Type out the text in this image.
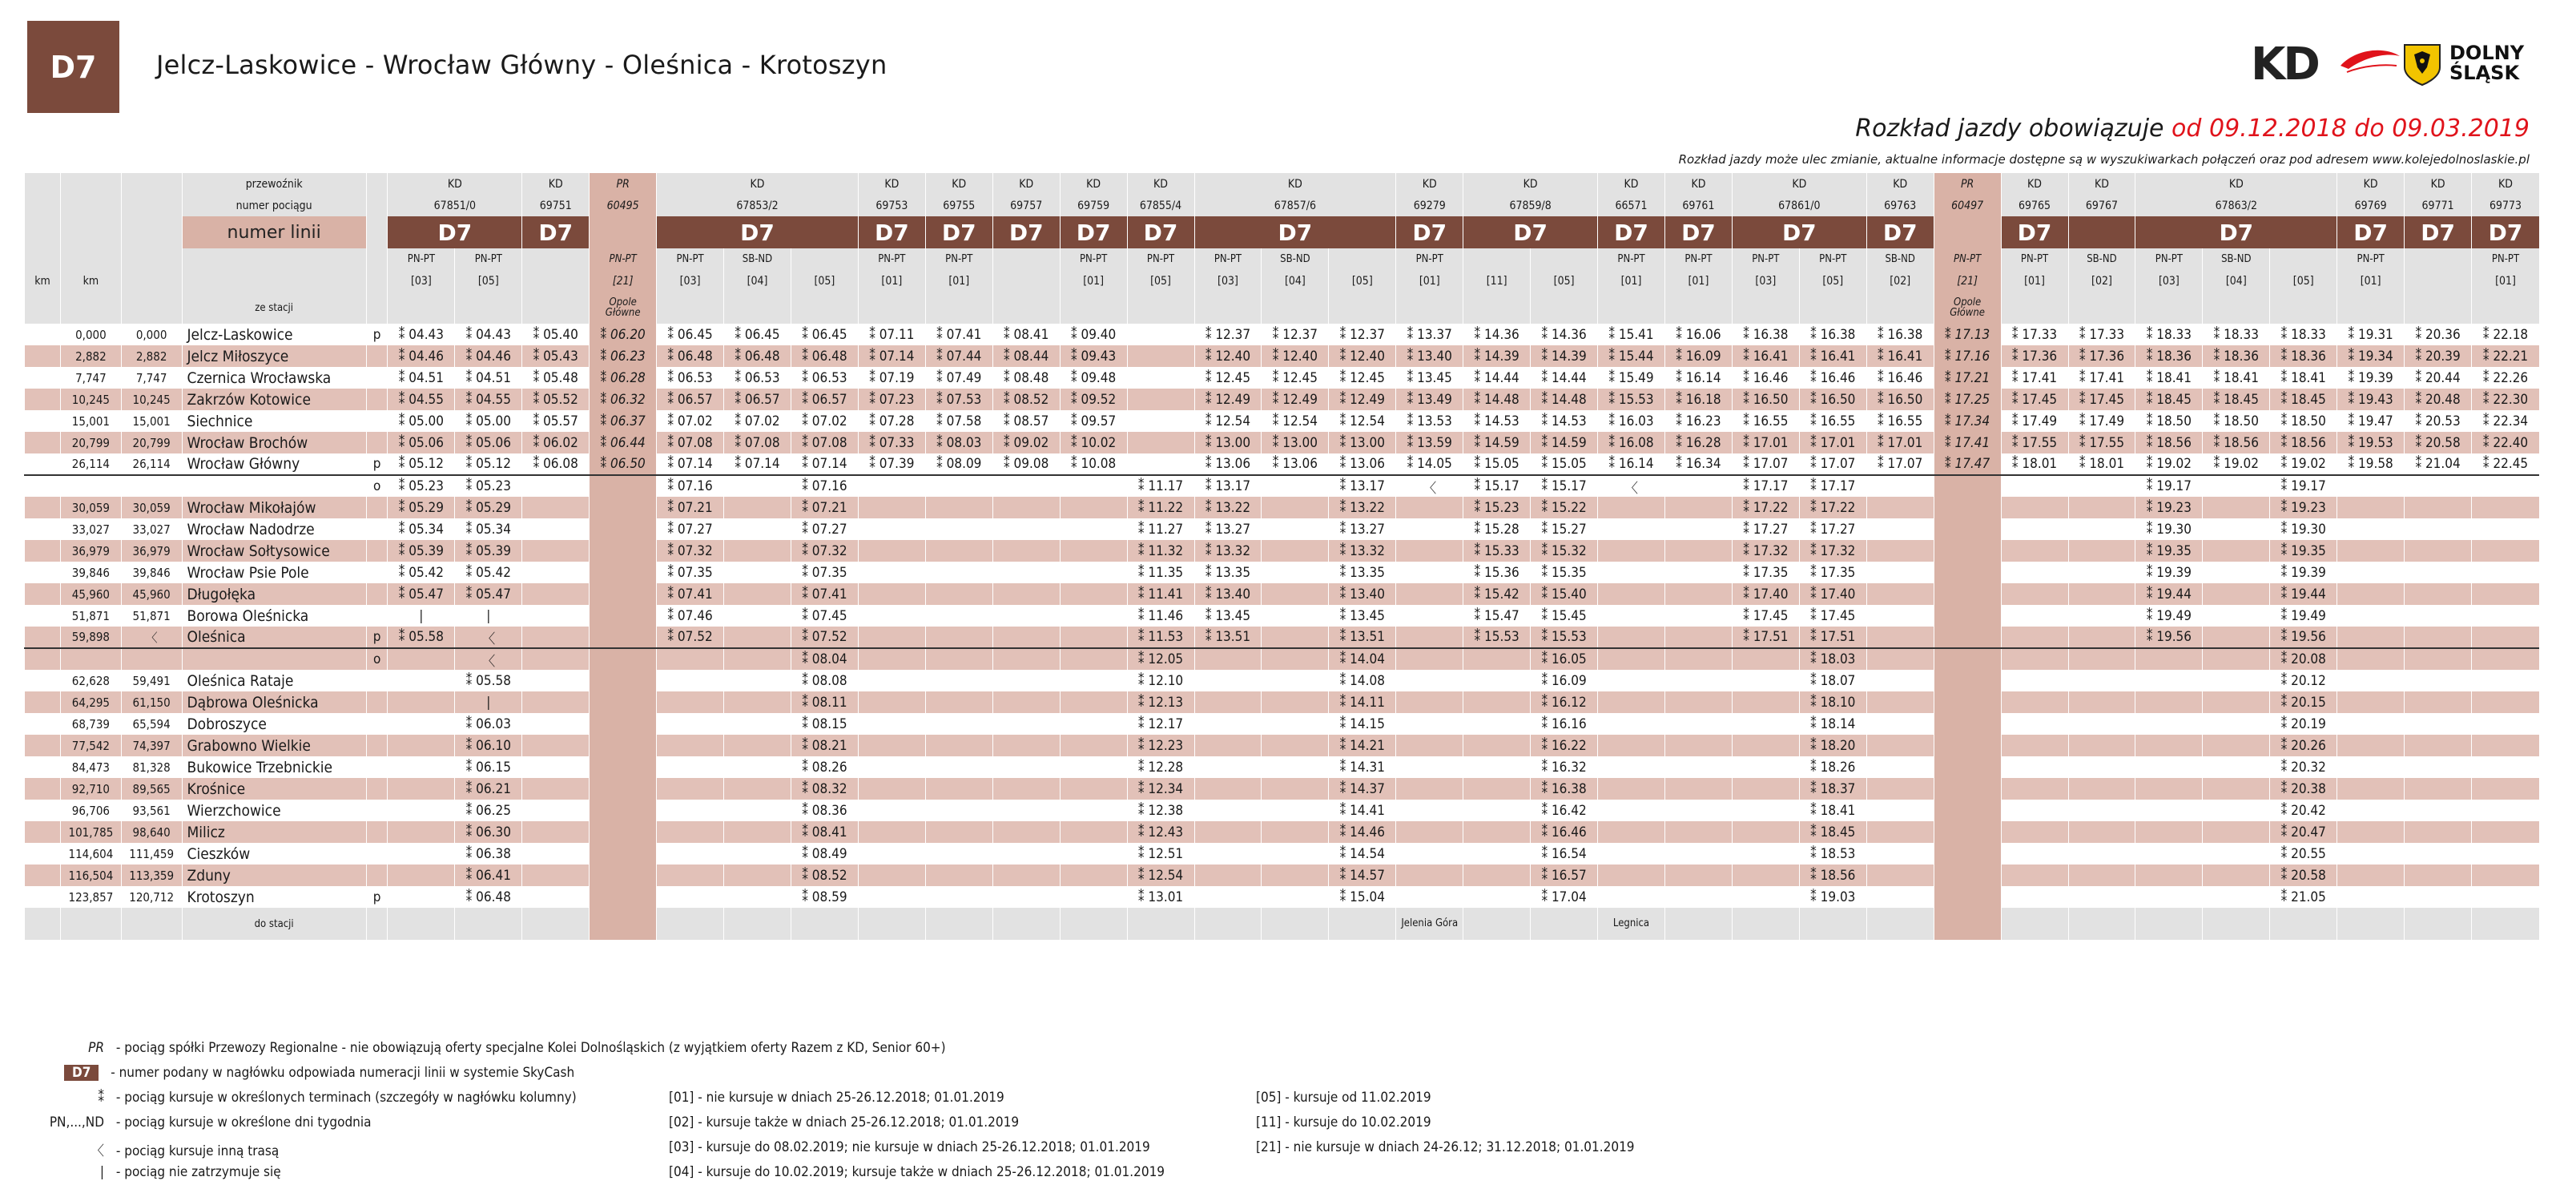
D7	Jelcz-Laskowice - Wrocław Główny - Oleśnica - Krotoszyn	KD	DOLNY
ŚLĄSK
Rozkład jazdy obowiązuje od 09.12.2018 do 09.03.2019
Rozkład jazdy może ulec zmianie, aktualne informacje dostępne są w wyszukiwarkach połączeń oraz pod adresem www.kolejedolnoslaskie.pl
			przewoźnik		KD		KD	PR	KD			KD	KD	KD	KD	KD	KD			KD	KD		KD	KD	KD		KD	PR	KD	KD	KD			KD	KD	KD
			numer pociągu		67851/0		69751	60495	67853/2			69753	69755	69757	69759	67855/4	67857/6			69279	67859/8		66571	69761	67861/0		69763	60497	69765	69767	67863/2			69769	69771	69773
			numer linii		D7		D7		D7			D7	D7	D7	D7	D7	D7			D7	D7		D7	D7	D7		D7		D7		D7			D7	D7	D7
					PN-PT	PN-PT		PN-PT	PN-PT	SB-ND		PN-PT	PN-PT		PN-PT	PN-PT	PN-PT	SB-ND		PN-PT			PN-PT	PN-PT	PN-PT	PN-PT	SB-ND	PN-PT	PN-PT	SB-ND	PN-PT	SB-ND		PN-PT		PN-PT
km	km				[03]	[05]		[21]	[03]	[04]	[05]	[01]	[01]		[01]	[05]	[03]	[04]	[05]	[01]	[11]	[05]	[01]	[01]	[03]	[05]	[02]	[21]	[01]	[02]	[03]	[04]	[05]	[01]		[01]
			ze stacji					Opole Główne																				Opole Główne								
	0,000	0,000	Jelcz-Laskowice	p	⁑ 04.43	⁑ 04.43	⁑ 05.40	⁑ 06.20	⁑ 06.45	⁑ 06.45	⁑ 06.45	⁑ 07.11	⁑ 07.41	⁑ 08.41	⁑ 09.40		⁑ 12.37	⁑ 12.37	⁑ 12.37	⁑ 13.37	⁑ 14.36	⁑ 14.36	⁑ 15.41	⁑ 16.06	⁑ 16.38	⁑ 16.38	⁑ 16.38	⁑ 17.13	⁑ 17.33	⁑ 17.33	⁑ 18.33	⁑ 18.33	⁑ 18.33	⁑ 19.31	⁑ 20.36	⁑ 22.18
	2,882	2,882	Jelcz Miłoszyce		⁑ 04.46	⁑ 04.46	⁑ 05.43	⁑ 06.23	⁑ 06.48	⁑ 06.48	⁑ 06.48	⁑ 07.14	⁑ 07.44	⁑ 08.44	⁑ 09.43		⁑ 12.40	⁑ 12.40	⁑ 12.40	⁑ 13.40	⁑ 14.39	⁑ 14.39	⁑ 15.44	⁑ 16.09	⁑ 16.41	⁑ 16.41	⁑ 16.41	⁑ 17.16	⁑ 17.36	⁑ 17.36	⁑ 18.36	⁑ 18.36	⁑ 18.36	⁑ 19.34	⁑ 20.39	⁑ 22.21
	7,747	7,747	Czernica Wrocławska		⁑ 04.51	⁑ 04.51	⁑ 05.48	⁑ 06.28	⁑ 06.53	⁑ 06.53	⁑ 06.53	⁑ 07.19	⁑ 07.49	⁑ 08.48	⁑ 09.48		⁑ 12.45	⁑ 12.45	⁑ 12.45	⁑ 13.45	⁑ 14.44	⁑ 14.44	⁑ 15.49	⁑ 16.14	⁑ 16.46	⁑ 16.46	⁑ 16.46	⁑ 17.21	⁑ 17.41	⁑ 17.41	⁑ 18.41	⁑ 18.41	⁑ 18.41	⁑ 19.39	⁑ 20.44	⁑ 22.26
	10,245	10,245	Zakrzów Kotowice		⁑ 04.55	⁑ 04.55	⁑ 05.52	⁑ 06.32	⁑ 06.57	⁑ 06.57	⁑ 06.57	⁑ 07.23	⁑ 07.53	⁑ 08.52	⁑ 09.52		⁑ 12.49	⁑ 12.49	⁑ 12.49	⁑ 13.49	⁑ 14.48	⁑ 14.48	⁑ 15.53	⁑ 16.18	⁑ 16.50	⁑ 16.50	⁑ 16.50	⁑ 17.25	⁑ 17.45	⁑ 17.45	⁑ 18.45	⁑ 18.45	⁑ 18.45	⁑ 19.43	⁑ 20.48	⁑ 22.30
	15,001	15,001	Siechnice		⁑ 05.00	⁑ 05.00	⁑ 05.57	⁑ 06.37	⁑ 07.02	⁑ 07.02	⁑ 07.02	⁑ 07.28	⁑ 07.58	⁑ 08.57	⁑ 09.57		⁑ 12.54	⁑ 12.54	⁑ 12.54	⁑ 13.53	⁑ 14.53	⁑ 14.53	⁑ 16.03	⁑ 16.23	⁑ 16.55	⁑ 16.55	⁑ 16.55	⁑ 17.34	⁑ 17.49	⁑ 17.49	⁑ 18.50	⁑ 18.50	⁑ 18.50	⁑ 19.47	⁑ 20.53	⁑ 22.34
	20,799	20,799	Wrocław Brochów		⁑ 05.06	⁑ 05.06	⁑ 06.02	⁑ 06.44	⁑ 07.08	⁑ 07.08	⁑ 07.08	⁑ 07.33	⁑ 08.03	⁑ 09.02	⁑ 10.02		⁑ 13.00	⁑ 13.00	⁑ 13.00	⁑ 13.59	⁑ 14.59	⁑ 14.59	⁑ 16.08	⁑ 16.28	⁑ 17.01	⁑ 17.01	⁑ 17.01	⁑ 17.41	⁑ 17.55	⁑ 17.55	⁑ 18.56	⁑ 18.56	⁑ 18.56	⁑ 19.53	⁑ 20.58	⁑ 22.40
	26,114	26,114	Wrocław Główny	p	⁑ 05.12	⁑ 05.12	⁑ 06.08	⁑ 06.50	⁑ 07.14	⁑ 07.14	⁑ 07.14	⁑ 07.39	⁑ 08.09	⁑ 09.08	⁑ 10.08		⁑ 13.06	⁑ 13.06	⁑ 13.06	⁑ 14.05	⁑ 15.05	⁑ 15.05	⁑ 16.14	⁑ 16.34	⁑ 17.07	⁑ 17.07	⁑ 17.07	⁑ 17.47	⁑ 18.01	⁑ 18.01	⁑ 19.02	⁑ 19.02	⁑ 19.02	⁑ 19.58	⁑ 21.04	⁑ 22.45
				o	⁑ 05.23	⁑ 05.23			⁑ 07.16		⁑ 07.16					⁑ 11.17	⁑ 13.17		⁑ 13.17	〈	⁑ 15.17	⁑ 15.17	〈		⁑ 17.17	⁑ 17.17					⁑ 19.17		⁑ 19.17			
	30,059	30,059	Wrocław Mikołajów		⁑ 05.29	⁑ 05.29			⁑ 07.21		⁑ 07.21					⁑ 11.22	⁑ 13.22		⁑ 13.22		⁑ 15.23	⁑ 15.22			⁑ 17.22	⁑ 17.22					⁑ 19.23		⁑ 19.23			
	33,027	33,027	Wrocław Nadodrze		⁑ 05.34	⁑ 05.34			⁑ 07.27		⁑ 07.27					⁑ 11.27	⁑ 13.27		⁑ 13.27		⁑ 15.28	⁑ 15.27			⁑ 17.27	⁑ 17.27					⁑ 19.30		⁑ 19.30			
	36,979	36,979	Wrocław Sołtysowice		⁑ 05.39	⁑ 05.39			⁑ 07.32		⁑ 07.32					⁑ 11.32	⁑ 13.32		⁑ 13.32		⁑ 15.33	⁑ 15.32			⁑ 17.32	⁑ 17.32					⁑ 19.35		⁑ 19.35			
	39,846	39,846	Wrocław Psie Pole		⁑ 05.42	⁑ 05.42			⁑ 07.35		⁑ 07.35					⁑ 11.35	⁑ 13.35		⁑ 13.35		⁑ 15.36	⁑ 15.35			⁑ 17.35	⁑ 17.35					⁑ 19.39		⁑ 19.39			
	45,960	45,960	Długołęka		⁑ 05.47	⁑ 05.47			⁑ 07.41		⁑ 07.41					⁑ 11.41	⁑ 13.40		⁑ 13.40		⁑ 15.42	⁑ 15.40			⁑ 17.40	⁑ 17.40					⁑ 19.44		⁑ 19.44			
	51,871	51,871	Borowa Oleśnicka		|	|			⁑ 07.46		⁑ 07.45					⁑ 11.46	⁑ 13.45		⁑ 13.45		⁑ 15.47	⁑ 15.45			⁑ 17.45	⁑ 17.45					⁑ 19.49		⁑ 19.49			
	59,898	〈	Oleśnica	p	⁑ 05.58	〈			⁑ 07.52		⁑ 07.52					⁑ 11.53	⁑ 13.51		⁑ 13.51		⁑ 15.53	⁑ 15.53			⁑ 17.51	⁑ 17.51					⁑ 19.56		⁑ 19.56			
				o		〈					⁑ 08.04					⁑ 12.05			⁑ 14.04			⁑ 16.05				⁑ 18.03							⁑ 20.08			
	62,628	59,491	Oleśnica Rataje			⁑ 05.58					⁑ 08.08					⁑ 12.10			⁑ 14.08			⁑ 16.09				⁑ 18.07							⁑ 20.12			
	64,295	61,150	Dąbrowa Oleśnicka			|					⁑ 08.11					⁑ 12.13			⁑ 14.11			⁑ 16.12				⁑ 18.10							⁑ 20.15			
	68,739	65,594	Dobroszyce			⁑ 06.03					⁑ 08.15					⁑ 12.17			⁑ 14.15			⁑ 16.16				⁑ 18.14							⁑ 20.19			
	77,542	74,397	Grabowno Wielkie			⁑ 06.10					⁑ 08.21					⁑ 12.23			⁑ 14.21			⁑ 16.22				⁑ 18.20							⁑ 20.26			
	84,473	81,328	Bukowice Trzebnickie			⁑ 06.15					⁑ 08.26					⁑ 12.28			⁑ 14.31			⁑ 16.32				⁑ 18.26							⁑ 20.32			
	92,710	89,565	Krośnice			⁑ 06.21					⁑ 08.32					⁑ 12.34			⁑ 14.37			⁑ 16.38				⁑ 18.37							⁑ 20.38			
	96,706	93,561	Wierzchowice			⁑ 06.25					⁑ 08.36					⁑ 12.38			⁑ 14.41			⁑ 16.42				⁑ 18.41							⁑ 20.42			
	101,785	98,640	Milicz			⁑ 06.30					⁑ 08.41					⁑ 12.43			⁑ 14.46			⁑ 16.46				⁑ 18.45							⁑ 20.47			
	114,604	111,459	Cieszków			⁑ 06.38					⁑ 08.49					⁑ 12.51			⁑ 14.54			⁑ 16.54				⁑ 18.53							⁑ 20.55			
	116,504	113,359	Zduny			⁑ 06.41					⁑ 08.52					⁑ 12.54			⁑ 14.57			⁑ 16.57				⁑ 18.56							⁑ 20.58			
	123,857	120,712	Krotoszyn	p		⁑ 06.48					⁑ 08.59					⁑ 13.01			⁑ 15.04			⁑ 17.04				⁑ 19.03							⁑ 21.05			
			do stacji																	Jelenia Góra			Legnica													
PR - pociąg spółki Przewozy Regionalne - nie obowiązują oferty specjalne Kolei Dolnośląskich (z wyjątkiem oferty Razem z KD, Senior 60+)
D7 - numer podany w nagłówku odpowiada numeracji linii w systemie SkyCash
⁑ - pociąg kursuje w określonych terminach (szczegóły w nagłówku kolumny)
PN,...,ND - pociąg kursuje w określone dni tygodnia
〈 - pociąg kursuje inną trasą
| - pociąg nie zatrzymuje się
[01] - nie kursuje w dniach 25-26.12.2018; 01.01.2019
[02] - kursuje także w dniach 25-26.12.2018; 01.01.2019
[03] - kursuje do 08.02.2019; nie kursuje w dniach 25-26.12.2018; 01.01.2019
[04] - kursuje do 10.02.2019; kursuje także w dniach 25-26.12.2018; 01.01.2019
[05] - kursuje od 11.02.2019
[11] - kursuje do 10.02.2019
[21] - nie kursuje w dniach 24-26.12; 31.12.2018; 01.01.2019
